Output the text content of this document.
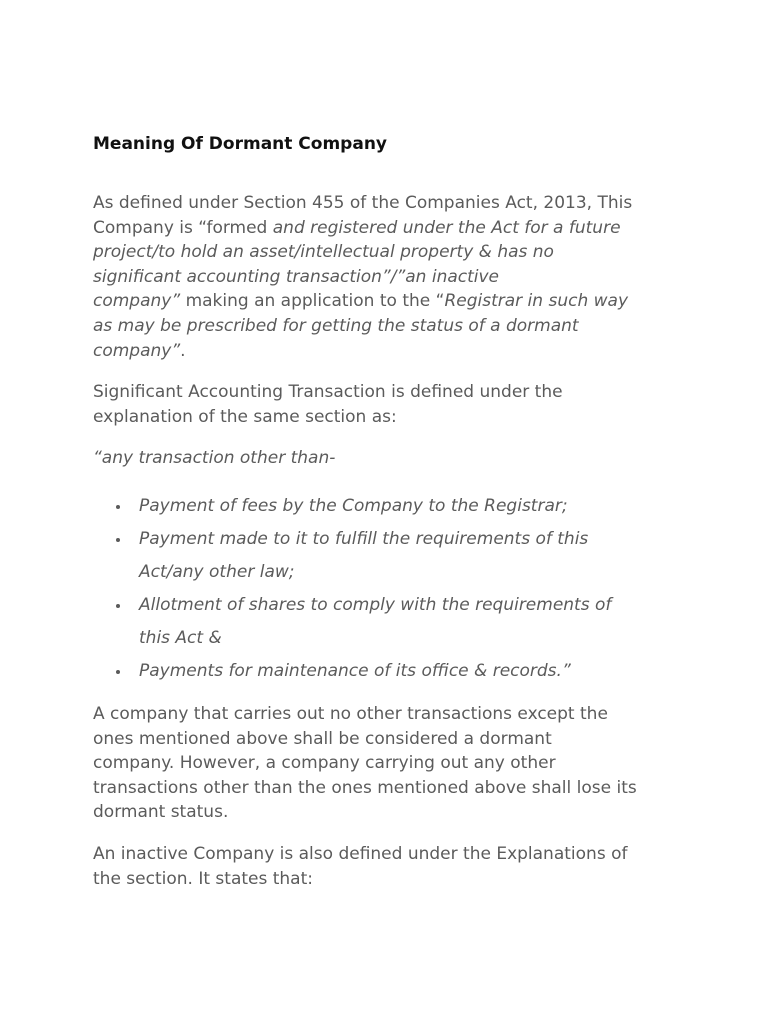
Meaning Of Dormant Company

As defined under Section 455 of the Companies Act, 2013, This
Company is “formed and registered under the Act for a future
project/to hold an asset/intellectual property & has no
significant accounting transaction”/”an inactive
company” making an application to the “Registrar in such way
as may be prescribed for getting the status of a dormant
company”.

Significant Accounting Transaction is defined under the
explanation of the same section as:

“any transaction other than-

Payment of fees by the Company to the Registrar;
Payment made to it to fulfill the requirements of this
Act/any other law;
Allotment of shares to comply with the requirements of
this Act &
Payments for maintenance of its office & records.”

A company that carries out no other transactions except the
ones mentioned above shall be considered a dormant
company. However, a company carrying out any other
transactions other than the ones mentioned above shall lose its
dormant status.

An inactive Company is also defined under the Explanations of
the section. It states that:
